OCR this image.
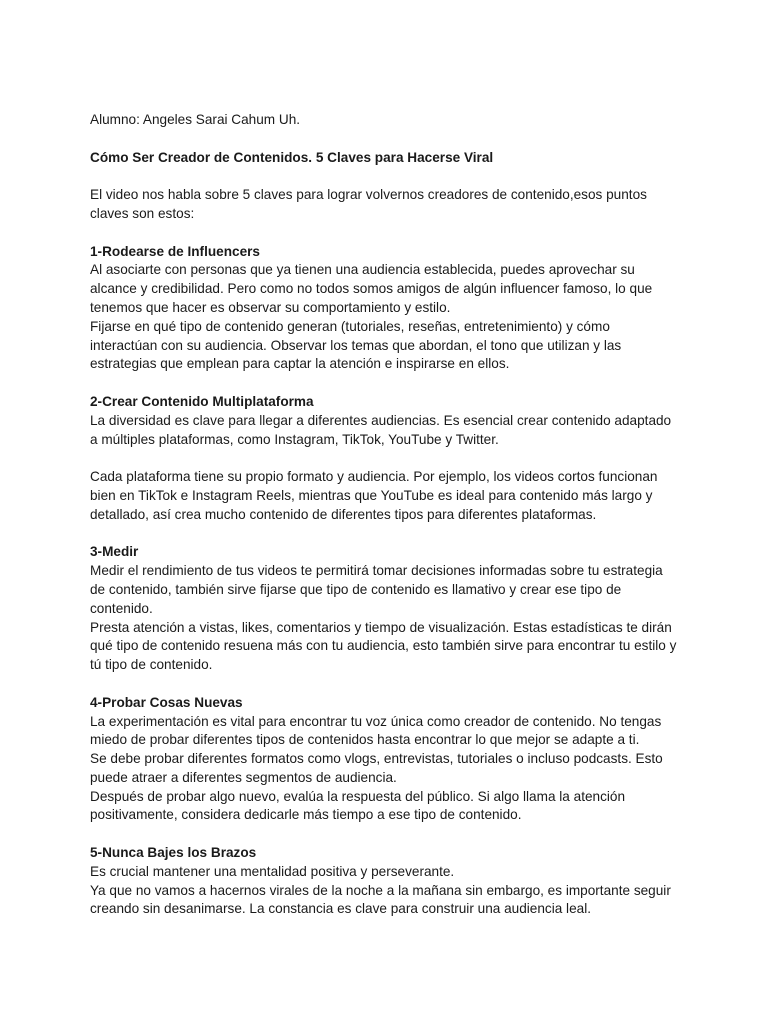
Alumno: Angeles Sarai Cahum Uh.

Cómo Ser Creador de Contenidos. 5 Claves para Hacerse Viral

El video nos habla sobre 5 claves para lograr volvernos creadores de contenido,esos puntos claves son estos:

1-Rodearse de Influencers

Al asociarte con personas que ya tienen una audiencia establecida, puedes aprovechar su alcance y credibilidad. Pero como no todos somos amigos de algún influencer famoso, lo que tenemos que hacer es observar su comportamiento y estilo.

Fijarse en qué tipo de contenido generan (tutoriales, reseñas, entretenimiento) y cómo interactúan con su audiencia. Observar los temas que abordan, el tono que utilizan y las estrategias que emplean para captar la atención e inspirarse en ellos.

2-Crear Contenido Multiplataforma

La diversidad es clave para llegar a diferentes audiencias. Es esencial crear contenido adaptado a múltiples plataformas, como Instagram, TikTok, YouTube y Twitter.

Cada plataforma tiene su propio formato y audiencia. Por ejemplo, los videos cortos funcionan bien en TikTok e Instagram Reels, mientras que YouTube es ideal para contenido más largo y detallado, así crea mucho contenido de diferentes tipos para diferentes plataformas.

3-Medir

Medir el rendimiento de tus videos te permitirá tomar decisiones informadas sobre tu estrategia de contenido, también sirve fijarse que tipo de contenido es llamativo y crear ese tipo de contenido.

Presta atención a vistas, likes, comentarios y tiempo de visualización. Estas estadísticas te dirán qué tipo de contenido resuena más con tu audiencia, esto también sirve para encontrar tu estilo y tú tipo de contenido.

4-Probar Cosas Nuevas

La experimentación es vital para encontrar tu voz única como creador de contenido. No tengas miedo de probar diferentes tipos de contenidos hasta encontrar lo que mejor se adapte a ti.

Se debe probar diferentes formatos como vlogs, entrevistas, tutoriales o incluso podcasts. Esto puede atraer a diferentes segmentos de audiencia.

Después de probar algo nuevo, evalúa la respuesta del público. Si algo llama la atención positivamente, considera dedicarle más tiempo a ese tipo de contenido.

5-Nunca Bajes los Brazos

Es crucial mantener una mentalidad positiva y perseverante.

Ya que no vamos a hacernos virales de la noche a la mañana sin embargo, es importante seguir creando sin desanimarse. La constancia es clave para construir una audiencia leal.
